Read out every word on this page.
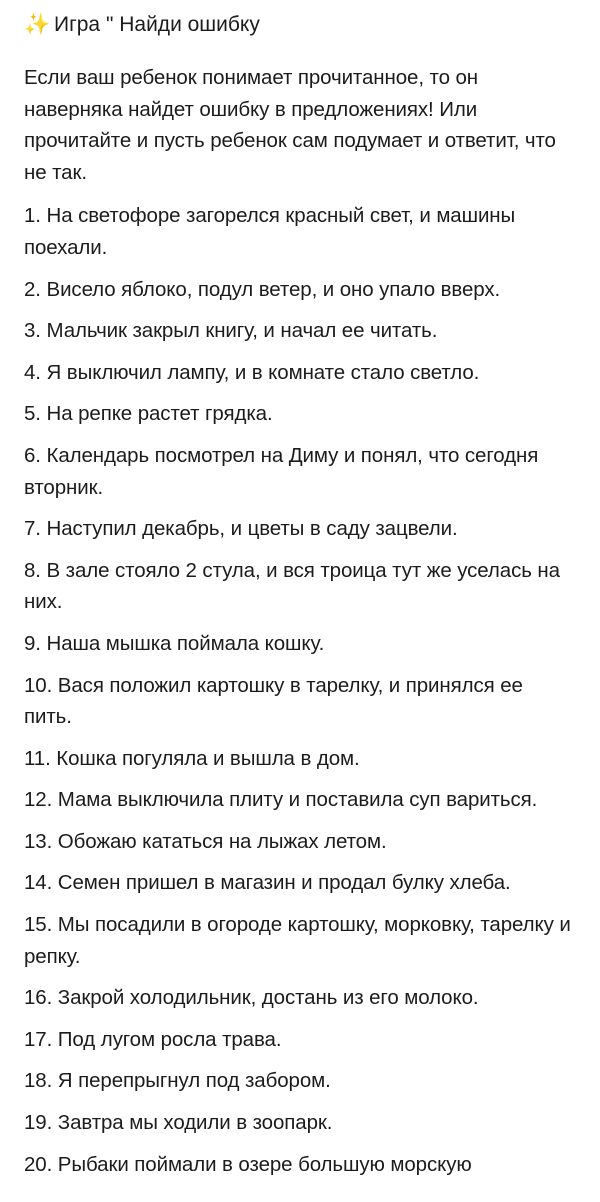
✨ Игра " Найди ошибку
Если ваш ребенок понимает прочитанное, то он наверняка найдет ошибку в предложениях! Или прочитайте и пусть ребенок сам подумает и ответит, что не так.
1. На светофоре загорелся красный свет, и машины поехали.
2. Висело яблоко, подул ветер, и оно упало вверх.
3. Мальчик закрыл книгу, и начал ее читать.
4. Я выключил лампу, и в комнате стало светло.
5. На репке растет грядка.
6. Календарь посмотрел на Диму и понял, что сегодня вторник.
7. Наступил декабрь, и цветы в саду зацвели.
8. В зале стояло 2 стула, и вся троица тут же уселась на них.
9. Наша мышка поймала кошку.
10. Вася положил картошку в тарелку, и принялся ее пить.
11. Кошка погуляла и вышла в дом.
12. Мама выключила плиту и поставила суп вариться.
13. Обожаю кататься на лыжах летом.
14. Семен пришел в магазин и продал булку хлеба.
15. Мы посадили в огороде картошку, морковку, тарелку и репку.
16. Закрой холодильник, достань из его молоко.
17. Под лугом росла трава.
18. Я перепрыгнул под забором.
19. Завтра мы ходили в зоопарк.
20. Рыбаки поймали в озере большую морскую
